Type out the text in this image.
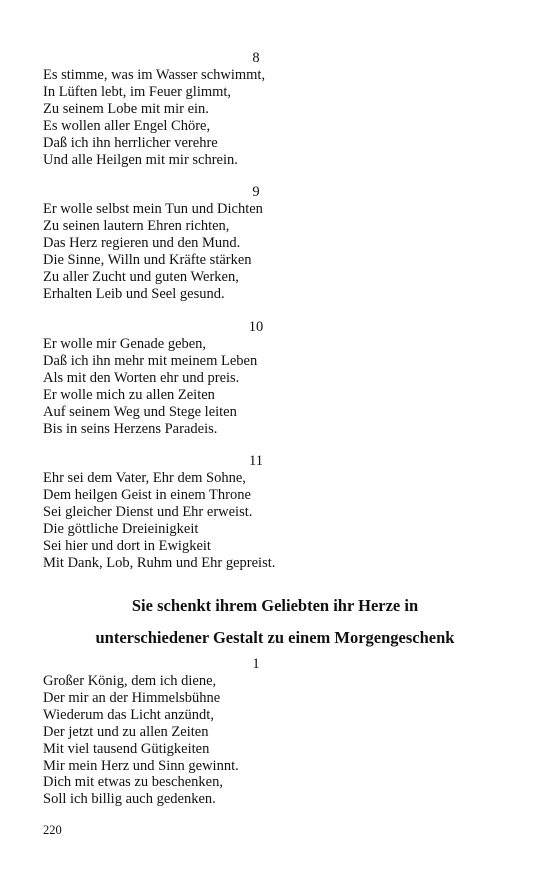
8
Es stimme, was im Wasser schwimmt,
In Lüften lebt, im Feuer glimmt,
Zu seinem Lobe mit mir ein.
Es wollen aller Engel Chöre,
Daß ich ihn herrlicher verehre
Und alle Heilgen mit mir schrein.
9
Er wolle selbst mein Tun und Dichten
Zu seinen lautern Ehren richten,
Das Herz regieren und den Mund.
Die Sinne, Willn und Kräfte stärken
Zu aller Zucht und guten Werken,
Erhalten Leib und Seel gesund.
10
Er wolle mir Genade geben,
Daß ich ihn mehr mit meinem Leben
Als mit den Worten ehr und preis.
Er wolle mich zu allen Zeiten
Auf seinem Weg und Stege leiten
Bis in seins Herzens Paradeis.
11
Ehr sei dem Vater, Ehr dem Sohne,
Dem heilgen Geist in einem Throne
Sei gleicher Dienst und Ehr erweist.
Die göttliche Dreieinigkeit
Sei hier und dort in Ewigkeit
Mit Dank, Lob, Ruhm und Ehr gepreist.
Sie schenkt ihrem Geliebten ihr Herze in
unterschiedener Gestalt zu einem Morgengeschenk
1
Großer König, dem ich diene,
Der mir an der Himmelsbühne
Wiederum das Licht anzündt,
Der jetzt und zu allen Zeiten
Mit viel tausend Gütigkeiten
Mir mein Herz und Sinn gewinnt.
Dich mit etwas zu beschenken,
Soll ich billig auch gedenken.
220
